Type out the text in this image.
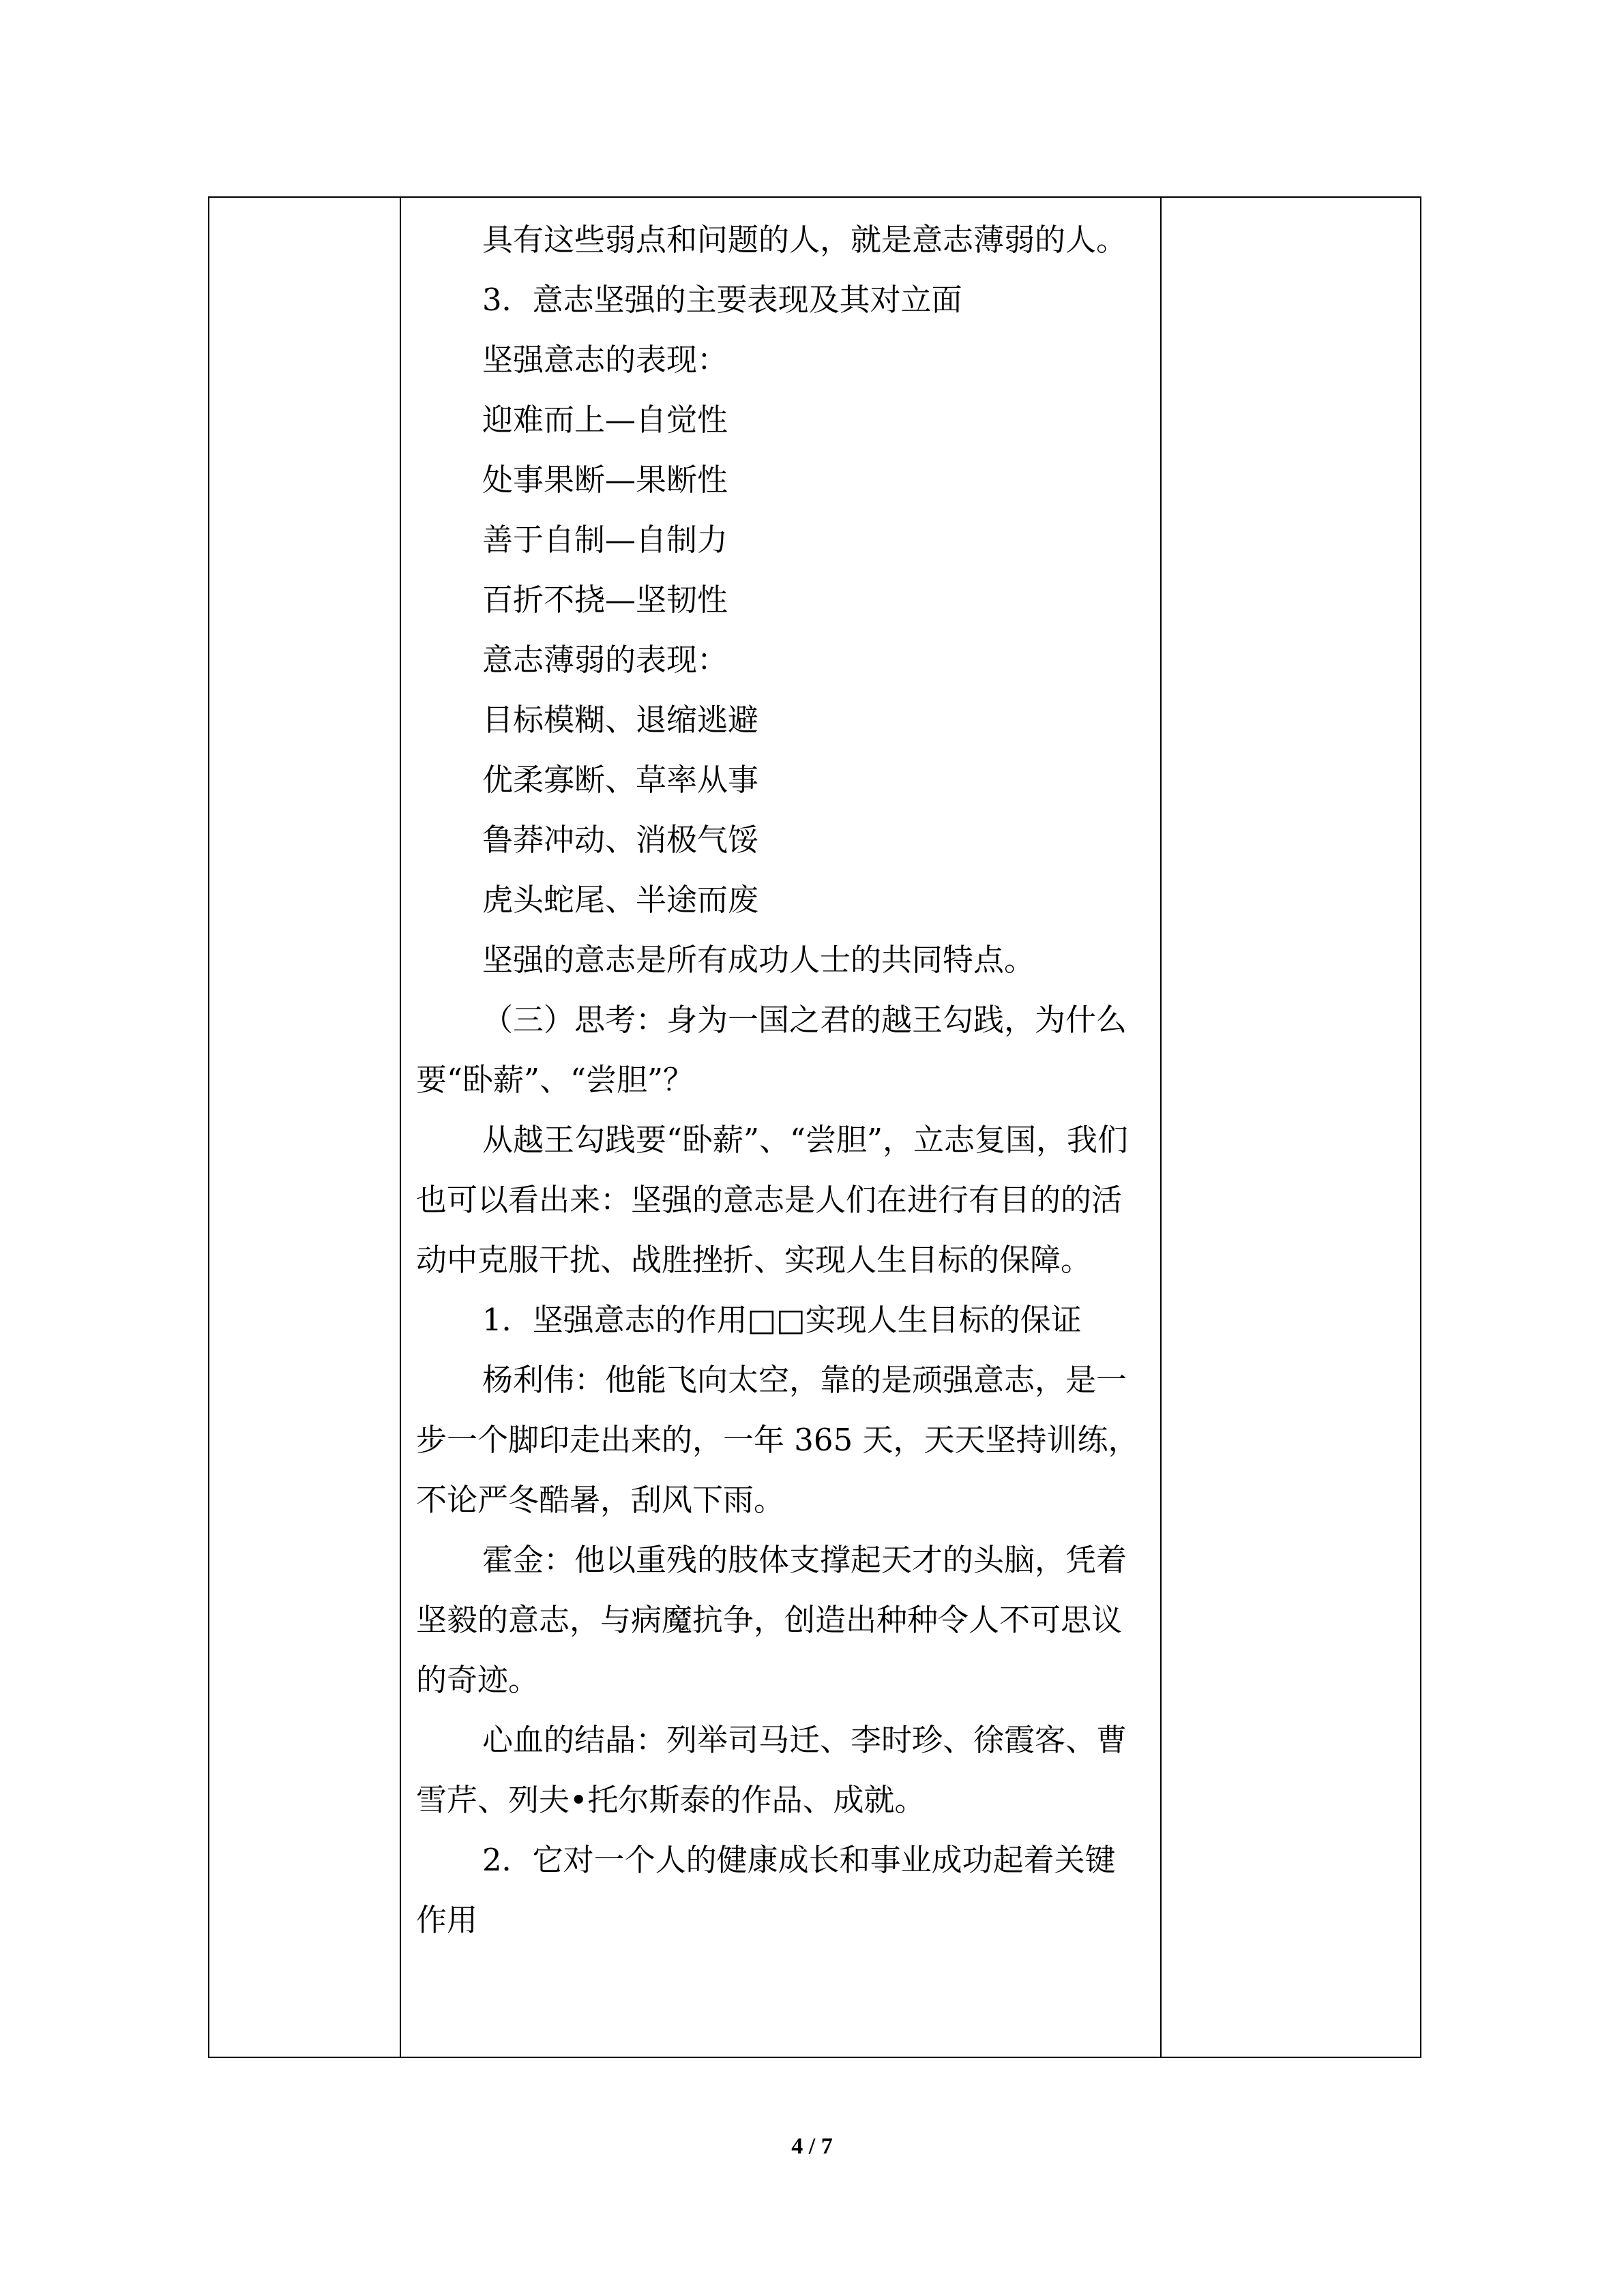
具有这些弱点和问题的人，就是意志薄弱的人。

3．意志坚强的主要表现及其对立面

坚强意志的表现：

迎难而上—自觉性

处事果断—果断性

善于自制—自制力

百折不挠—坚韧性

意志薄弱的表现：

目标模糊、退缩逃避

优柔寡断、草率从事

鲁莽冲动、消极气馁

虎头蛇尾、半途而废

坚强的意志是所有成功人士的共同特点。

（三）思考：身为一国之君的越王勾践，为什么要“卧薪”、“尝胆”？

从越王勾践要“卧薪”、“尝胆”，立志复国，我们也可以看出来：坚强的意志是人们在进行有目的的活动中克服干扰、战胜挫折、实现人生目标的保障。

1．坚强意志的作用□□实现人生目标的保证

杨利伟：他能飞向太空，靠的是顽强意志，是一步一个脚印走出来的，一年 365 天，天天坚持训练，不论严冬酷暑，刮风下雨。

霍金：他以重残的肢体支撑起天才的头脑，凭着坚毅的意志，与病魔抗争，创造出种种令人不可思议的奇迹。

心血的结晶：列举司马迁、李时珍、徐霞客、曹雪芹、列夫•托尔斯泰的作品、成就。

2．它对一个人的健康成长和事业成功起着关键作用

4 / 7
